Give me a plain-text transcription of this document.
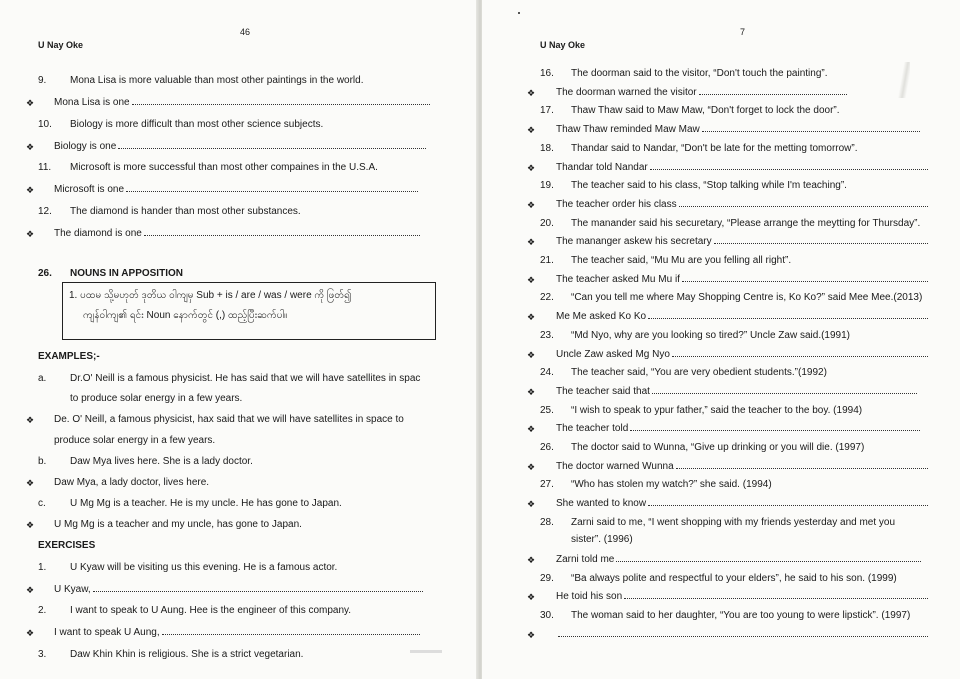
46
U Nay Oke
9. Mona Lisa is more valuable than most other paintings in the world.
❖ Mona Lisa is one
10. Biology is more difficult than most other science subjects.
❖ Biology is one
11. Microsoft is more successful than most other compaines in the U.S.A.
❖ Microsoft is one
12. The diamond is hander than most other substances.
❖ The diamond is one
26. NOUNS IN APPOSITION
1. ပထမ သို့မဟုတ် ဒုတိယ ဝါကျမှ Sub + is / are / was / were ကို ဖြတ်၍
ကျန်ဝါကျ၏ ရင်း Noun နောက်တွင် (,) ထည့်ပြီးဆက်ပါ။
EXAMPLES;-
a. Dr.O' Neill is a famous physicist. He has said that we will have satellites in spac
to produce solar energy in a few years.
❖ De. O' Neill, a famous physicist, hax said that we will have satellites in space to
produce solar energy in a few years.
b. Daw Mya lives here. She is a lady doctor.
❖ Daw Mya, a lady doctor, lives here.
c. U Mg Mg is a teacher. He is my uncle. He has gone to Japan.
❖ U Mg Mg is a teacher and my uncle, has gone to Japan.
EXERCISES
1. U Kyaw will be visiting us this evening. He is a famous actor.
❖ U Kyaw,
2. I want to speak to U Aung. Hee is the engineer of this company.
❖ I want to speak U Aung,
3. Daw Khin Khin is religious. She is a strict vegetarian.
7
U Nay Oke
16. The doorman said to the visitor, “Don't touch the painting”.
❖ The doorman warned the visitor
17. Thaw Thaw said to Maw Maw, “Don't forget to lock the door”.
❖ Thaw Thaw reminded Maw Maw
18. Thandar said to Nandar, “Don't be late for the metting tomorrow”.
❖ Thandar told Nandar
19. The teacher said to his class, “Stop talking while I'm teaching”.
❖ The teacher order his class
20. The manander said his securetary, “Please arrange the meytting for Thursday”.
❖ The mananger askew his secretary
21. The teacher said, “Mu Mu are you felling all right”.
❖ The teacher asked Mu Mu if
22. “Can you tell me where May Shopping Centre is, Ko Ko?” said Mee Mee.(2013)
❖ Me Me asked Ko Ko
23. “Md Nyo, why are you looking so tired?” Uncle Zaw said.(1991)
❖ Uncle Zaw asked Mg Nyo
24. The teacher said, “You are very obedient students.”(1992)
❖ The teacher said that
25. “I wish to speak to ypur father,” said the teacher to the boy. (1994)
❖ The teacher told
26. The doctor said to Wunna, “Give up drinking or you will die. (1997)
❖ The doctor warned Wunna
27. “Who has stolen my watch?” she said. (1994)
❖ She wanted to know
28. Zarni said to me, “I went shopping with my friends yesterday and met you
sister”. (1996)
❖ Zarni told me
29. “Ba always polite and respectful to your elders”, he said to his son. (1999)
❖ He toid his son
30. The woman said to her daughter, “You are too young to were lipstick”. (1997)
❖
